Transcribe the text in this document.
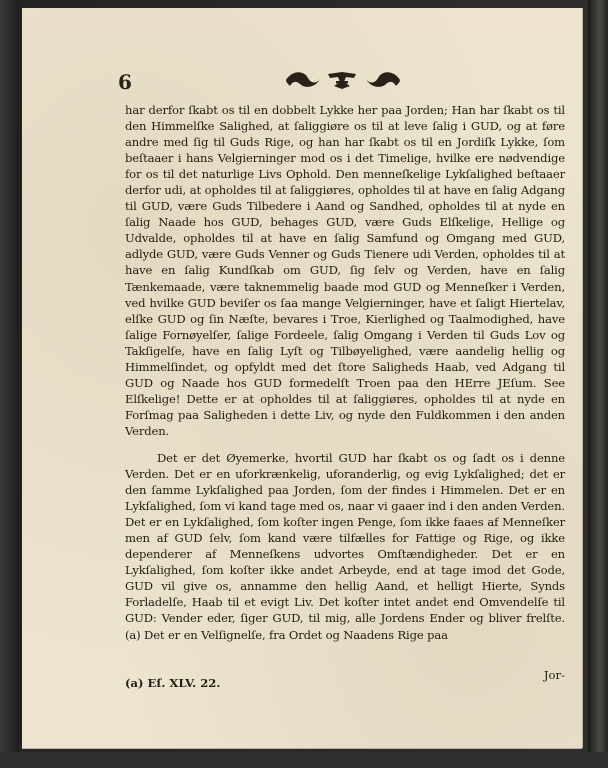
6

har derfor ſkabt os til en dobbelt Lykke her paa Jorden; Han har ſkabt os til den Himmelſke Salighed, at ſaliggiøre os til at leve ſalig i GUD, og at føre andre med ſig til Guds Rige, og han har ſkabt os til en Jordiſk Lykke, ſom beſtaaer i hans Velgierninger mod os i det Timelige, hvilke ere nødvendige for os til det naturlige Livs Ophold. Den menneſkelige Lykſalighed beſtaaer derfor udi, at opholdes til at ſaliggiøres, opholdes til at have en ſalig Adgang til GUD, være Guds Tilbedere i Aand og Sandhed, opholdes til at nyde en ſalig Naade hos GUD, behages GUD, være Guds Elſkelige, Hellige og Udvalde, opholdes til at have en ſalig Samfund og Omgang med GUD, adlyde GUD, være Guds Venner og Guds Tienere udi Verden, opholdes til at have en ſalig Kundſkab om GUD, ſig ſelv og Verden, have en ſalig Tænkemaade, være taknemmelig baade mod GUD og Menneſker i Verden, ved hvilke GUD beviſer os ſaa mange Velgierninger, have et ſaligt Hiertelav, elſke GUD og ſin Næſte, bevares i Troe, Kierlighed og Taalmodighed, have ſalige Fornøyelſer, ſalige Fordeele, ſalig Omgang i Verden til Guds Lov og Takſigelſe, have en ſalig Lyſt og Tilbøyelighed, være aandelig hellig og Himmelſindet, og opfyldt med det ſtore Saligheds Haab, ved Adgang til GUD og Naade hos GUD formedelſt Troen paa den HErre JEſum. See Elſkelige! Dette er at opholdes til at ſaliggiøres, opholdes til at nyde en Forſmag paa Saligheden i dette Liv, og nyde den Fuldkommen i den anden Verden.

Det er det Øyemerke, hvortil GUD har ſkabt os og ſadt os i denne Verden. Det er en uforkrænkelig, uforanderlig, og evig Lykſalighed; det er den ſamme Lykſalighed paa Jorden, ſom der findes i Himmelen. Det er en Lykſalighed, ſom vi kand tage med os, naar vi gaaer ind i den anden Verden. Det er en Lykſalighed, ſom koſter ingen Penge, ſom ikke faaes af Menneſker men af GUD ſelv, ſom kand være tilfælles for Fattige og Rige, og ikke dependerer af Menneſkens udvortes Omſtændigheder. Det er en Lykſalighed, ſom koſter ikke andet Arbeyde, end at tage imod det Gode, GUD vil give os, annamme den hellig Aand, et helligt Hierte, Synds Forladelſe, Haab til et evigt Liv. Det koſter intet andet end Omvendelſe til GUD: Vender eder, ſiger GUD, til mig, alle Jordens Ender og bliver frelſte. (a) Det er en Velſignelſe, fra Ordet og Naadens Rige paa

(a) Eſ. XLV. 22.
Jor-
